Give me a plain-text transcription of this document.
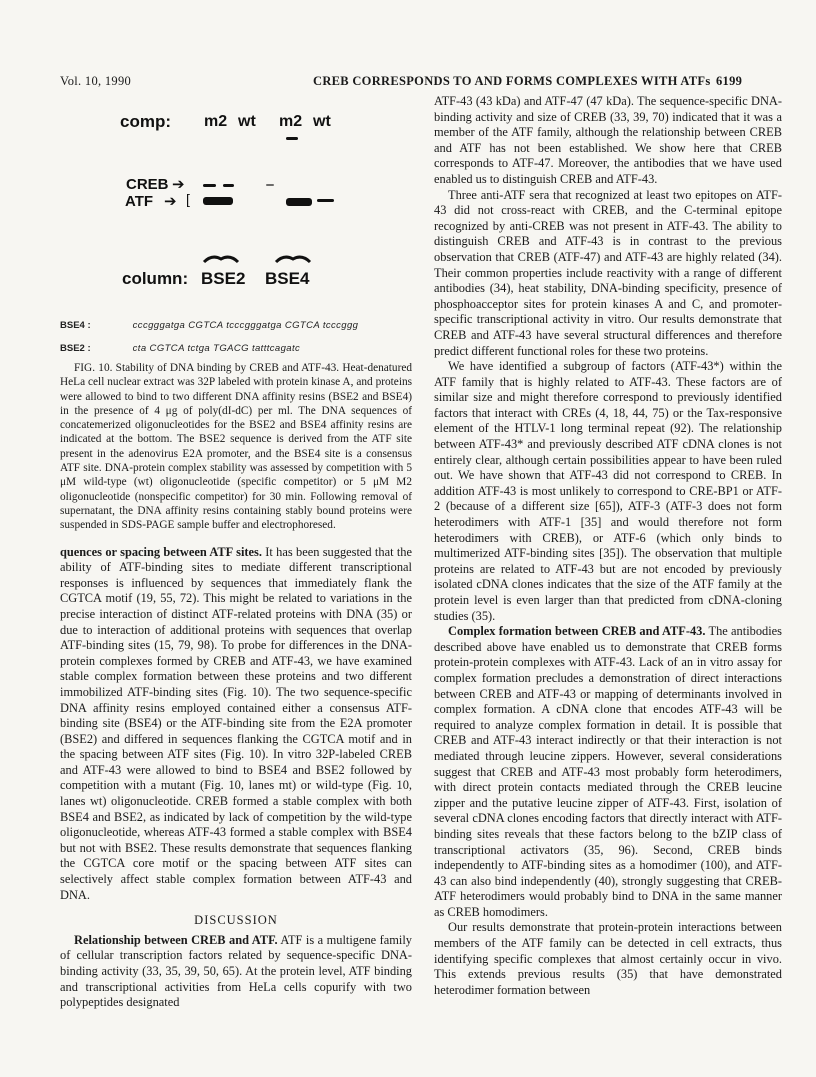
Vol. 10, 1990	CREB CORRESPONDS TO AND FORMS COMPLEXES WITH ATFs 6199
comp: m2 wt m2 wt
CREB ➔
ATF ➔ [
column: BSE2 BSE4
BSE4 :	cccgggatga CGTCA tcccgggatga CGTCA tcccggg
BSE2 :	cta CGTCA tctga TGACG tatttcagatc

FIG. 10. Stability of DNA binding by CREB and ATF-43. Heat-denatured HeLa cell nuclear extract was 32P labeled with protein kinase A, and proteins were allowed to bind to two different DNA affinity resins (BSE2 and BSE4) in the presence of 4 μg of poly(dI-dC) per ml. The DNA sequences of concatemerized oligonucleotides for the BSE2 and BSE4 affinity resins are indicated at the bottom. The BSE2 sequence is derived from the ATF site present in the adenovirus E2A promoter, and the BSE4 site is a consensus ATF site. DNA-protein complex stability was assessed by competition with 5 μM wild-type (wt) oligonucleotide (specific competitor) or 5 μM M2 oligonucleotide (nonspecific competitor) for 30 min. Following removal of supernatant, the DNA affinity resins containing stably bound proteins were suspended in SDS-PAGE sample buffer and electrophoresed.

quences or spacing between ATF sites. It has been suggested that the ability of ATF-binding sites to mediate different transcriptional responses is influenced by sequences that immediately flank the CGTCA motif (19, 55, 72). This might be related to variations in the precise interaction of distinct ATF-related proteins with DNA (35) or due to interaction of additional proteins with sequences that overlap ATF-binding sites (15, 79, 98). To probe for differences in the DNA-protein complexes formed by CREB and ATF-43, we have examined stable complex formation between these proteins and two different immobilized ATF-binding sites (Fig. 10). The two sequence-specific DNA affinity resins employed contained either a consensus ATF-binding site (BSE4) or the ATF-binding site from the E2A promoter (BSE2) and differed in sequences flanking the CGTCA motif and in the spacing between ATF sites (Fig. 10). In vitro 32P-labeled CREB and ATF-43 were allowed to bind to BSE4 and BSE2 followed by competition with a mutant (Fig. 10, lanes mt) or wild-type (Fig. 10, lanes wt) oligonucleotide. CREB formed a stable complex with both BSE4 and BSE2, as indicated by lack of competition by the wild-type oligonucleotide, whereas ATF-43 formed a stable complex with BSE4 but not with BSE2. These results demonstrate that sequences flanking the CGTCA core motif or the spacing between ATF sites can selectively affect stable complex formation between ATF-43 and DNA.

DISCUSSION

Relationship between CREB and ATF. ATF is a multigene family of cellular transcription factors related by sequence-specific DNA-binding activity (33, 35, 39, 50, 65). At the protein level, ATF binding and transcriptional activities from HeLa cells copurify with two polypeptides designated

ATF-43 (43 kDa) and ATF-47 (47 kDa). The sequence-specific DNA-binding activity and size of CREB (33, 39, 70) indicated that it was a member of the ATF family, although the relationship between CREB and ATF has not been established. We show here that CREB corresponds to ATF-47. Moreover, the antibodies that we have used enabled us to distinguish CREB and ATF-43.

Three anti-ATF sera that recognized at least two epitopes on ATF-43 did not cross-react with CREB, and the C-terminal epitope recognized by anti-CREB was not present in ATF-43. The ability to distinguish CREB and ATF-43 is in contrast to the previous observation that CREB (ATF-47) and ATF-43 are highly related (34). Their common properties include reactivity with a range of different antibodies (34), heat stability, DNA-binding specificity, presence of phosphoacceptor sites for protein kinases A and C, and promoter-specific transcriptional activity in vitro. Our results demonstrate that CREB and ATF-43 have several structural differences and therefore predict different functional roles for these two proteins.

We have identified a subgroup of factors (ATF-43*) within the ATF family that is highly related to ATF-43. These factors are of similar size and might therefore correspond to previously identified factors that interact with CREs (4, 18, 44, 75) or the Tax-responsive element of the HTLV-1 long terminal repeat (92). The relationship between ATF-43* and previously described ATF cDNA clones is not entirely clear, although certain possibilities appear to have been ruled out. We have shown that ATF-43 did not correspond to CREB. In addition ATF-43 is most unlikely to correspond to CRE-BP1 or ATF-2 (because of a different size [65]), ATF-3 (ATF-3 does not form heterodimers with ATF-1 [35] and would therefore not form heterodimers with CREB), or ATF-6 (which only binds to multimerized ATF-binding sites [35]). The observation that multiple proteins are related to ATF-43 but are not encoded by previously isolated cDNA clones indicates that the size of the ATF family at the protein level is even larger than that predicted from cDNA-cloning studies (35).

Complex formation between CREB and ATF-43. The antibodies described above have enabled us to demonstrate that CREB forms protein-protein complexes with ATF-43. Lack of an in vitro assay for complex formation precludes a demonstration of direct interactions between CREB and ATF-43 or mapping of determinants involved in complex formation. A cDNA clone that encodes ATF-43 will be required to analyze complex formation in detail. It is possible that CREB and ATF-43 interact indirectly or that their interaction is not mediated through leucine zippers. However, several considerations suggest that CREB and ATF-43 most probably form heterodimers, with direct protein contacts mediated through the CREB leucine zipper and the putative leucine zipper of ATF-43. First, isolation of several cDNA clones encoding factors that directly interact with ATF-binding sites reveals that these factors belong to the bZIP class of transcriptional activators (35, 96). Second, CREB binds independently to ATF-binding sites as a homodimer (100), and ATF-43 can also bind independently (40), strongly suggesting that CREB-ATF heterodimers would probably bind to DNA in the same manner as CREB homodimers.

Our results demonstrate that protein-protein interactions between members of the ATF family can be detected in cell extracts, thus identifying specific complexes that almost certainly occur in vivo. This extends previous results (35) that have demonstrated heterodimer formation between
